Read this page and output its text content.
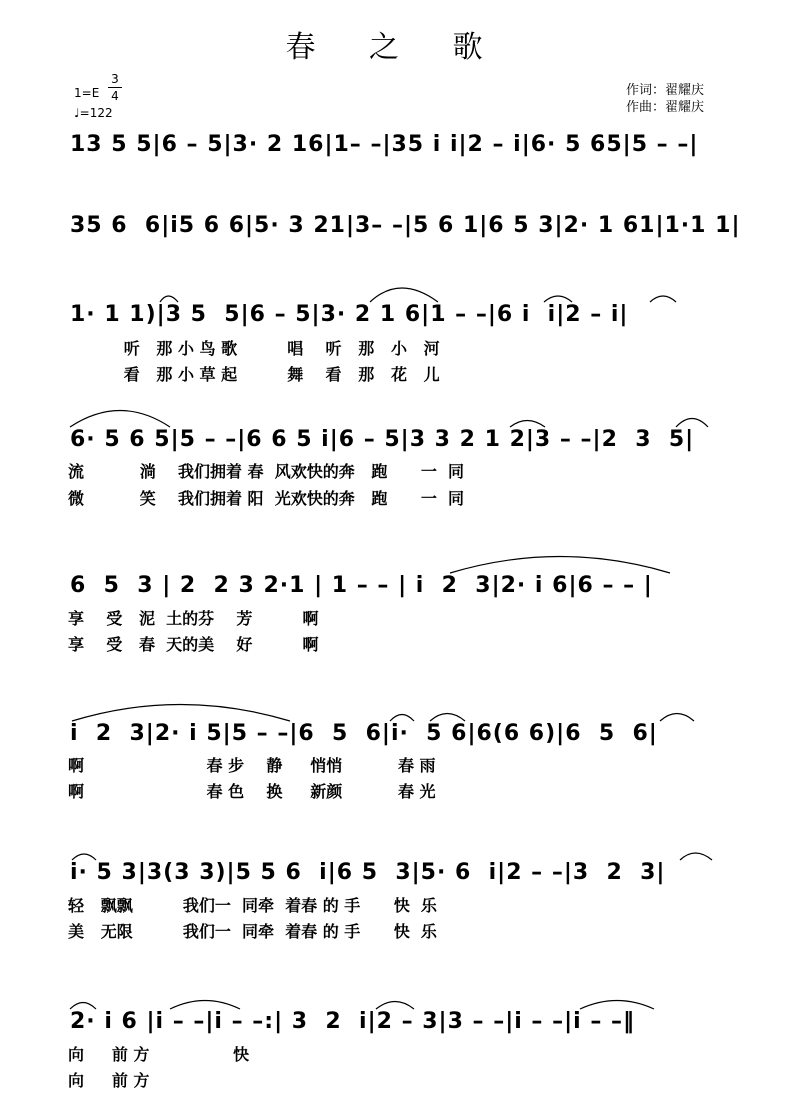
春 之 歌
1=E
3
4
♩=122
作词：翟耀庆
作曲：翟耀庆
13 5 5|6 – 5|3· 2 16|1– –|35 i i|2 – i|6· 5 65|5 – –|
35 6  6|i5 6 6|5· 3 21|3– –|5 6 1|6 5 3|2· 1 61|1·1 1|
1· 1 1)|3 5  5|6 – 5|3· 2 1 6|1 – –|6 i  i|2 – i|
听   那 小 鸟 歌         唱    听   那   小   河
看   那 小 草 起         舞    看   那   花   儿
6· 5 6 5|5 – –|6 6 5 i|6 – 5|3 3 2 1 2|3 – –|2  3  5|
流          淌    我们拥着 春  风欢快的奔   跑      一  同
微          笑    我们拥着 阳  光欢快的奔   跑      一  同
6  5  3 | 2  2 3 2·1 | 1 – – | i  2  3|2· i 6|6 – – |
享    受   泥  土的芬    芳         啊
享    受   春  天的美    好         啊
i  2  3|2· i 5|5 – –|6  5  6|i·  5 6|6(6 6)|6  5  6|
啊                      春 步    静     悄悄          春 雨
啊                      春 色    换     新颜          春 光
i· 5 3|3(3 3)|5 5 6  i|6 5  3|5· 6  i|2 – –|3  2  3|
轻   飘飘         我们一  同牵  着春 的 手      快  乐
美   无限         我们一  同牵  着春 的 手      快  乐
2· i 6 |i – –|i – –:| 3  2  i|2 – 3|3 – –|i – –|i – –‖
向     前 方               快
向     前 方
